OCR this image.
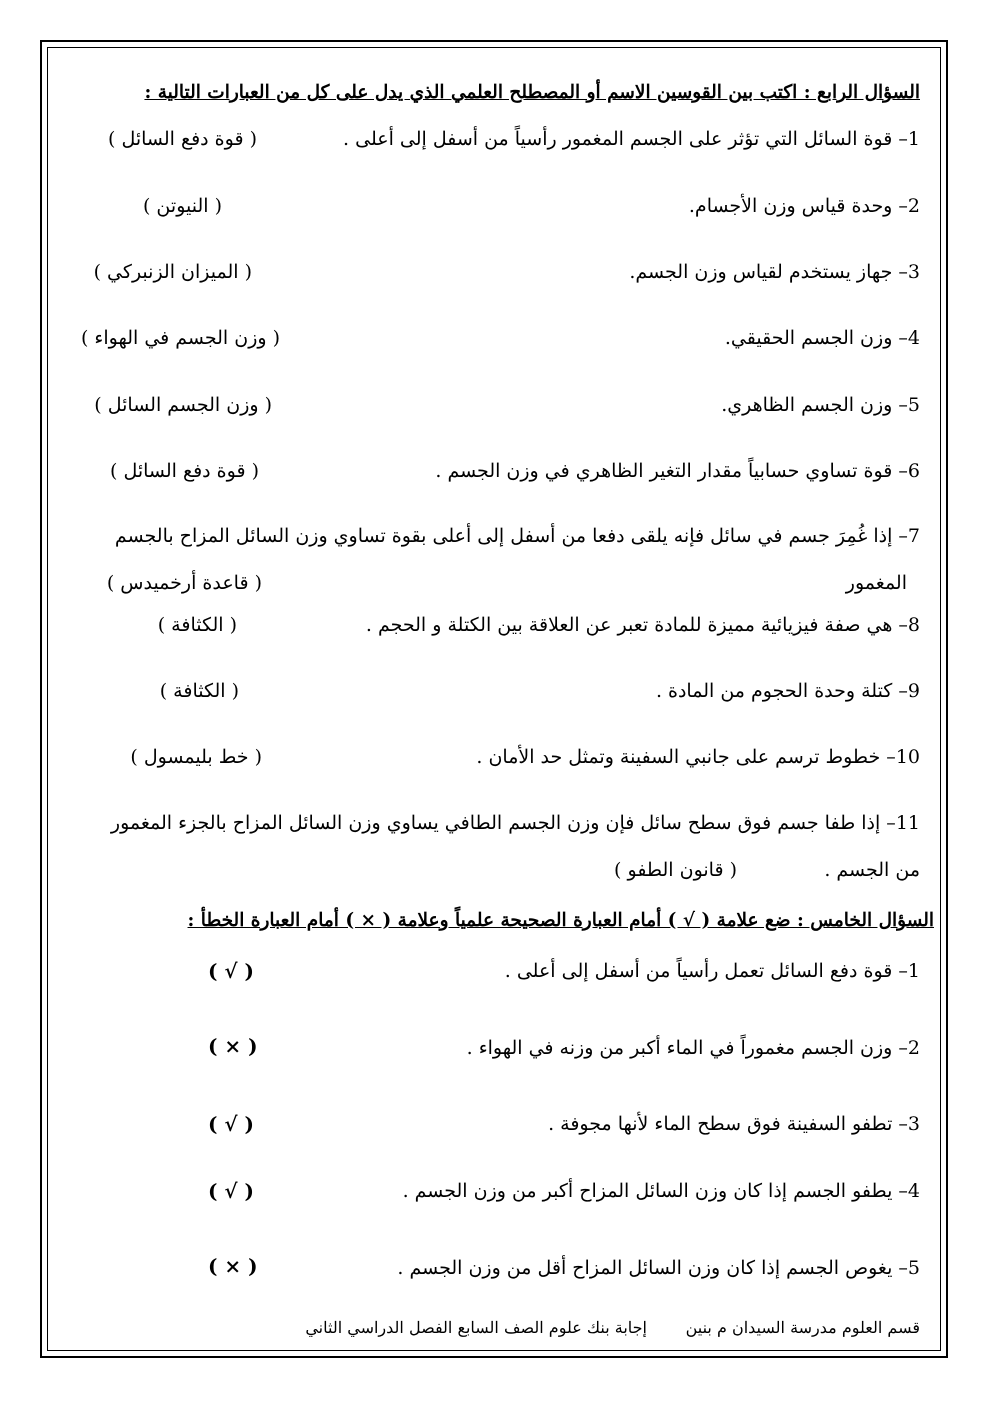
السؤال الرابع : اكتب بين القوسين الاسم أو المصطلح العلمي الذي يدل على كل من العبارات التالية :
1– قوة السائل التي تؤثر على الجسم المغمور رأسياً من أسفل إلى أعلى .
( قوة دفع السائل )
2– وحدة قياس وزن الأجسام.
( النيوتن )
3– جهاز يستخدم لقياس وزن الجسم.
( الميزان الزنبركي )
4– وزن الجسم الحقيقي.
( وزن الجسم في الهواء )
5– وزن الجسم الظاهري.
( وزن الجسم السائل )
6– قوة تساوي حسابياً مقدار التغير الظاهري في وزن الجسم .
( قوة دفع السائل )
7– إذا غُمِرَ جسم في سائل فإنه يلقى دفعا من أسفل إلى أعلى بقوة تساوي وزن السائل المزاح بالجسم
المغمور
( قاعدة أرخميدس )
8– هي صفة فيزيائية مميزة للمادة تعبر عن العلاقة بين الكتلة و الحجم .
( الكثافة )
9– كتلة وحدة الحجوم من المادة .
( الكثافة )
10– خطوط ترسم على جانبي السفينة وتمثل حد الأمان .
( خط بليمسول )
11– إذا طفا جسم فوق سطح سائل فإن وزن الجسم الطافي يساوي وزن السائل المزاح بالجزء المغمور
من الجسم .
( قانون الطفو )
السؤال الخامس : ضع علامة ( √ ) أمام العبارة الصحيحة علمياً وعلامة ( × ) أمام العبارة الخطأ :
1– قوة دفع السائل تعمل رأسياً من أسفل إلى أعلى .
( √ )
2– وزن الجسم مغموراً في الماء أكبر من وزنه في الهواء .
( × )
3– تطفو السفينة فوق سطح الماء لأنها مجوفة .
( √ )
4– يطفو الجسم إذا كان وزن السائل المزاح أكبر من وزن الجسم .
( √ )
5– يغوص الجسم إذا كان وزن السائل المزاح أقل من وزن الجسم .
( × )
قسم العلوم مدرسة السيدان م بنين
إجابة بنك علوم الصف السابع الفصل الدراسي الثاني
